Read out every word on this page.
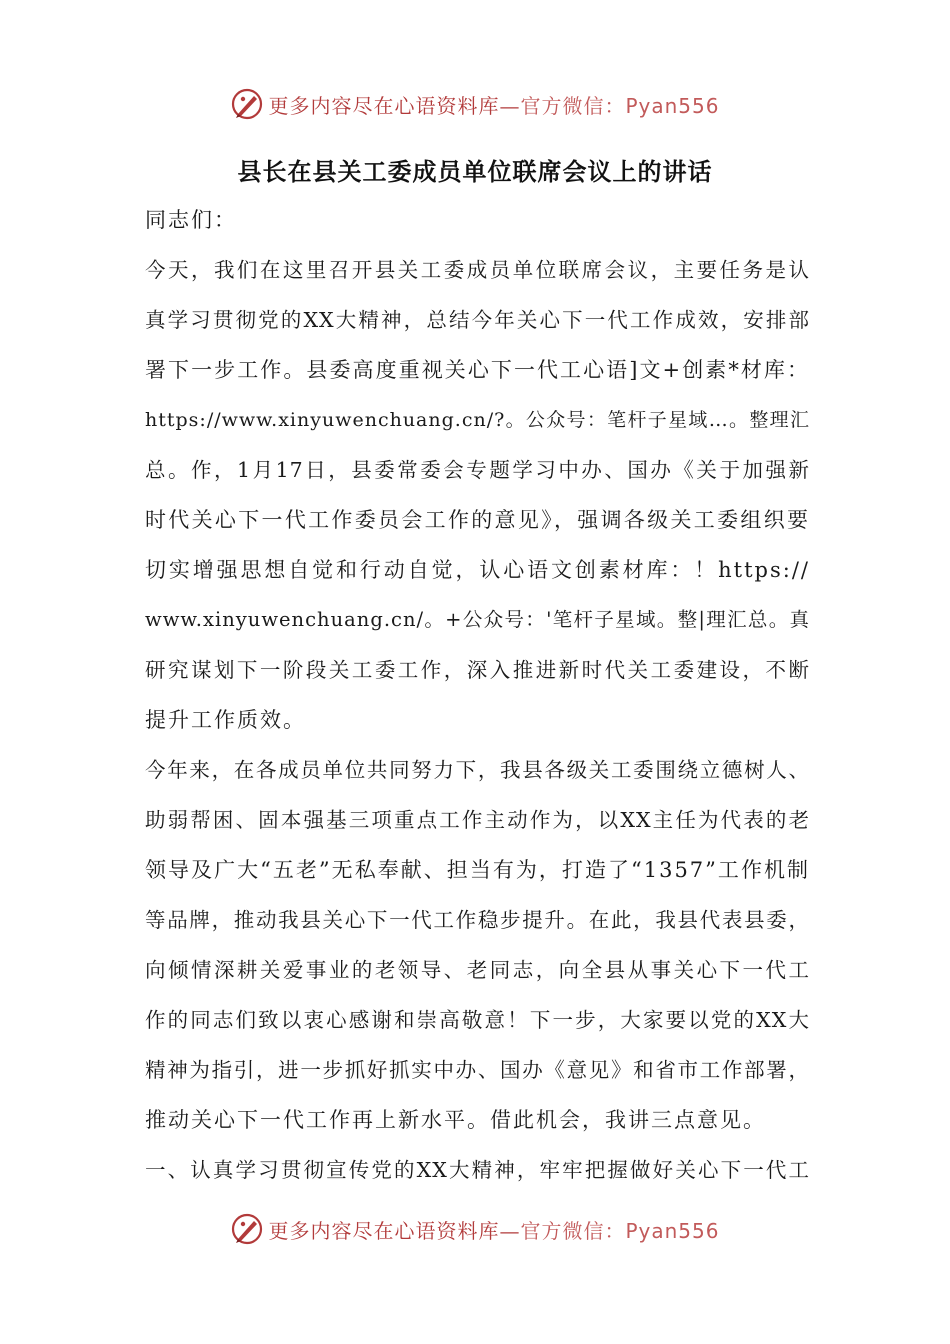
更多内容尽在心语资料库—官方微信：Pyan556
县长在县关工委成员单位联席会议上的讲话
同志们：
今天，我们在这里召开县关工委成员单位联席会议，主要任务是认
真学习贯彻党的XX大精神，总结今年关心下一代工作成效，安排部
署下一步工作。县委高度重视关心下一代工心语]文+创素*材库：
https://www.xinyuwenchuang.cn/?。公众号：笔杆子星域…。整理汇
总。作，1月17日，县委常委会专题学习中办、国办《关于加强新
时代关心下一代工作委员会工作的意见》，强调各级关工委组织要
切实增强思想自觉和行动自觉，认心语文创素材库：！https://
www.xinyuwenchuang.cn/。+公众号：'笔杆子星域。整|理汇总。真
研究谋划下一阶段关工委工作，深入推进新时代关工委建设，不断
提升工作质效。
今年来，在各成员单位共同努力下，我县各级关工委围绕立德树人、
助弱帮困、固本强基三项重点工作主动作为，以XX主任为代表的老
领导及广大“五老”无私奉献、担当有为，打造了“1357”工作机制
等品牌，推动我县关心下一代工作稳步提升。在此，我县代表县委，
向倾情深耕关爱事业的老领导、老同志，向全县从事关心下一代工
作的同志们致以衷心感谢和崇高敬意！下一步，大家要以党的XX大
精神为指引，进一步抓好抓实中办、国办《意见》和省市工作部署，
推动关心下一代工作再上新水平。借此机会，我讲三点意见。
一、认真学习贯彻宣传党的XX大精神，牢牢把握做好关心下一代工
更多内容尽在心语资料库—官方微信：Pyan556
